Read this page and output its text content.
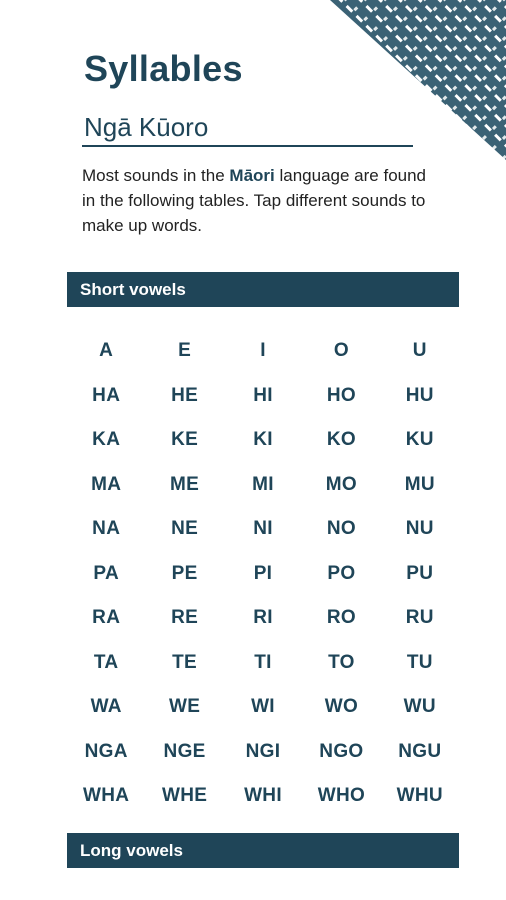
Syllables
Ngā Kūoro
Most sounds in the Māori language are found in the following tables. Tap different sounds to make up words.
Short vowels
A	E	I	O	U
HA	HE	HI	HO	HU
KA	KE	KI	KO	KU
MA	ME	MI	MO	MU
NA	NE	NI	NO	NU
PA	PE	PI	PO	PU
RA	RE	RI	RO	RU
TA	TE	TI	TO	TU
WA	WE	WI	WO	WU
NGA	NGE	NGI	NGO	NGU
WHA	WHE	WHI	WHO	WHU
Long vowels
